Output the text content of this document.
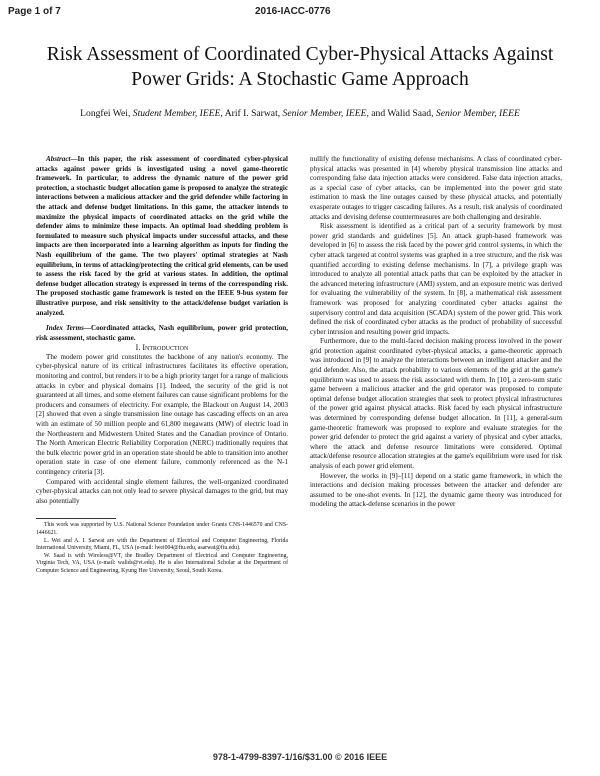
Page 1 of 7	2016-IACC-0776
Risk Assessment of Coordinated Cyber-Physical Attacks Against
Power Grids: A Stochastic Game Approach
Longfei Wei, Student Member, IEEE, Arif I. Sarwat, Senior Member, IEEE, and Walid Saad, Senior Member, IEEE

Abstract—In this paper, the risk assessment of coordinated cyber-physical attacks against power grids is investigated using a novel game-theoretic framework. In particular, to address the dynamic nature of the power grid protection, a stochastic budget allocation game is proposed to analyze the strategic interactions between a malicious attacker and the grid defender while factoring in the attack and defense budget limitations. In this game, the attacker intends to maximize the physical impacts of coordinated attacks on the grid while the defender aims to minimize these impacts. An optimal load shedding problem is formulated to measure such physical impacts under successful attacks, and these impacts are then incorporated into a learning algorithm as inputs for finding the Nash equilibrium of the game. The two players' optimal strategies at Nash equilibrium, in terms of attacking/protecting the critical grid elements, can be used to assess the risk faced by the grid at various states. In addition, the optimal defense budget allocation strategy is expressed in terms of the corresponding risk. The proposed stochastic game framework is tested on the IEEE 9-bus system for illustrative purpose, and risk sensitivity to the attack/defense budget variation is analyzed.

Index Terms—Coordinated attacks, Nash equilibrium, power grid protection, risk assessment, stochastic game.

I. Introduction

The modern power grid constitutes the backbone of any nation's economy. The cyber-physical nature of its critical infrastructures facilitates its effective operation, monitoring and control, but renders it to be a high priority target for a range of malicious attacks in cyber and physical domains [1]. Indeed, the security of the grid is not guaranteed at all times, and some element failures can cause significant problems for the producers and consumers of electricity. For example, the Blackout on August 14, 2003 [2] showed that even a single transmission line outage has cascading effects on an area with an estimate of 50 million people and 61,800 megawatts (MW) of electric load in the Northeastern and Midwestern United States and the Canadian province of Ontario. The North American Electric Reliability Corporation (NERC) traditionally requires that the bulk electric power grid in an operation state should be able to transition into another operation state in case of one element failure, commonly referenced as the N-1 contingency criteria [3].

Compared with accidental single element failures, the well-organized coordinated cyber-physical attacks can not only lead to severe physical damages to the grid, but may also potentially

This work was supported by U.S. National Science Foundation under Grants CNS-1446570 and CNS-1446621.

L. Wei and A. I. Sarwat are with the Department of Electrical and Computer Engineering, Florida International University, Miami, FL, USA (e-mail: lwei004@fiu.edu, asarwat@fiu.edu).

W. Saad is with Wireless@VT, the Bradley Department of Electrical and Computer Engineering, Virginia Tech, VA, USA (e-mail: walids@vt.edu). He is also International Scholar at the Department of Computer Science and Engineering, Kyung Hee University, Seoul, South Korea.

nullify the functionality of existing defense mechanisms. A class of coordinated cyber-physical attacks was presented in [4] whereby physical transmission line attacks and corresponding false data injection attacks were considered. False data injection attacks, as a special case of cyber attacks, can be implemented into the power grid state estimation to mask the line outages caused by these physical attacks, and potentially exasperate outages to trigger cascading failures. As a result, risk analysis of coordinated attacks and devising defense countermeasures are both challenging and desirable.

Risk assessment is identified as a critical part of a security framework by most power grid standards and guidelines [5]. An attack graph-based framework was developed in [6] to assess the risk faced by the power grid control systems, in which the cyber attack targeted at control systems was graphed in a tree structure, and the risk was quantified according to existing defense mechanisms. In [7], a privilege graph was introduced to analyze all potential attack paths that can be exploited by the attacker in the advanced metering infrastructure (AMI) system, and an exposure metric was derived for evaluating the vulnerability of the system. In [8], a mathematical risk assessment framework was proposed for analyzing coordinated cyber attacks against the supervisory control and data acquisition (SCADA) system of the power grid. This work defined the risk of coordinated cyber attacks as the product of probability of successful cyber intrusion and resulting power grid impacts.

Furthermore, due to the multi-faced decision making process involved in the power grid protection against coordinated cyber-physical attacks, a game-theoretic approach was introduced in [9] to analyze the interactions between an intelligent attacker and the grid defender. Also, the attack probability to various elements of the grid at the game's equilibrium was used to assess the risk associated with them. In [10], a zero-sum static game between a malicious attacker and the grid operator was proposed to compute optimal defense budget allocation strategies that seek to protect physical infrastructures of the power grid against physical attacks. Risk faced by each physical infrastructure was determined by corresponding defense budget allocation. In [11], a general-sum game-theoretic framework was proposed to explore and evaluate strategies for the power grid defender to protect the grid against a variety of physical and cyber attacks, where the attack and defense resource limitations were considered. Optimal attack/defense resource allocation strategies at the game's equilibrium were used for risk analysis of each power grid element.

However, the works in [9]–[11] depend on a static game framework, in which the interactions and decision making processes between the attacker and defender are assumed to be one-shot events. In [12], the dynamic game theory was introduced for modeling the attack-defense scenarios in the power

978-1-4799-8397-1/16/$31.00 © 2016 IEEE
